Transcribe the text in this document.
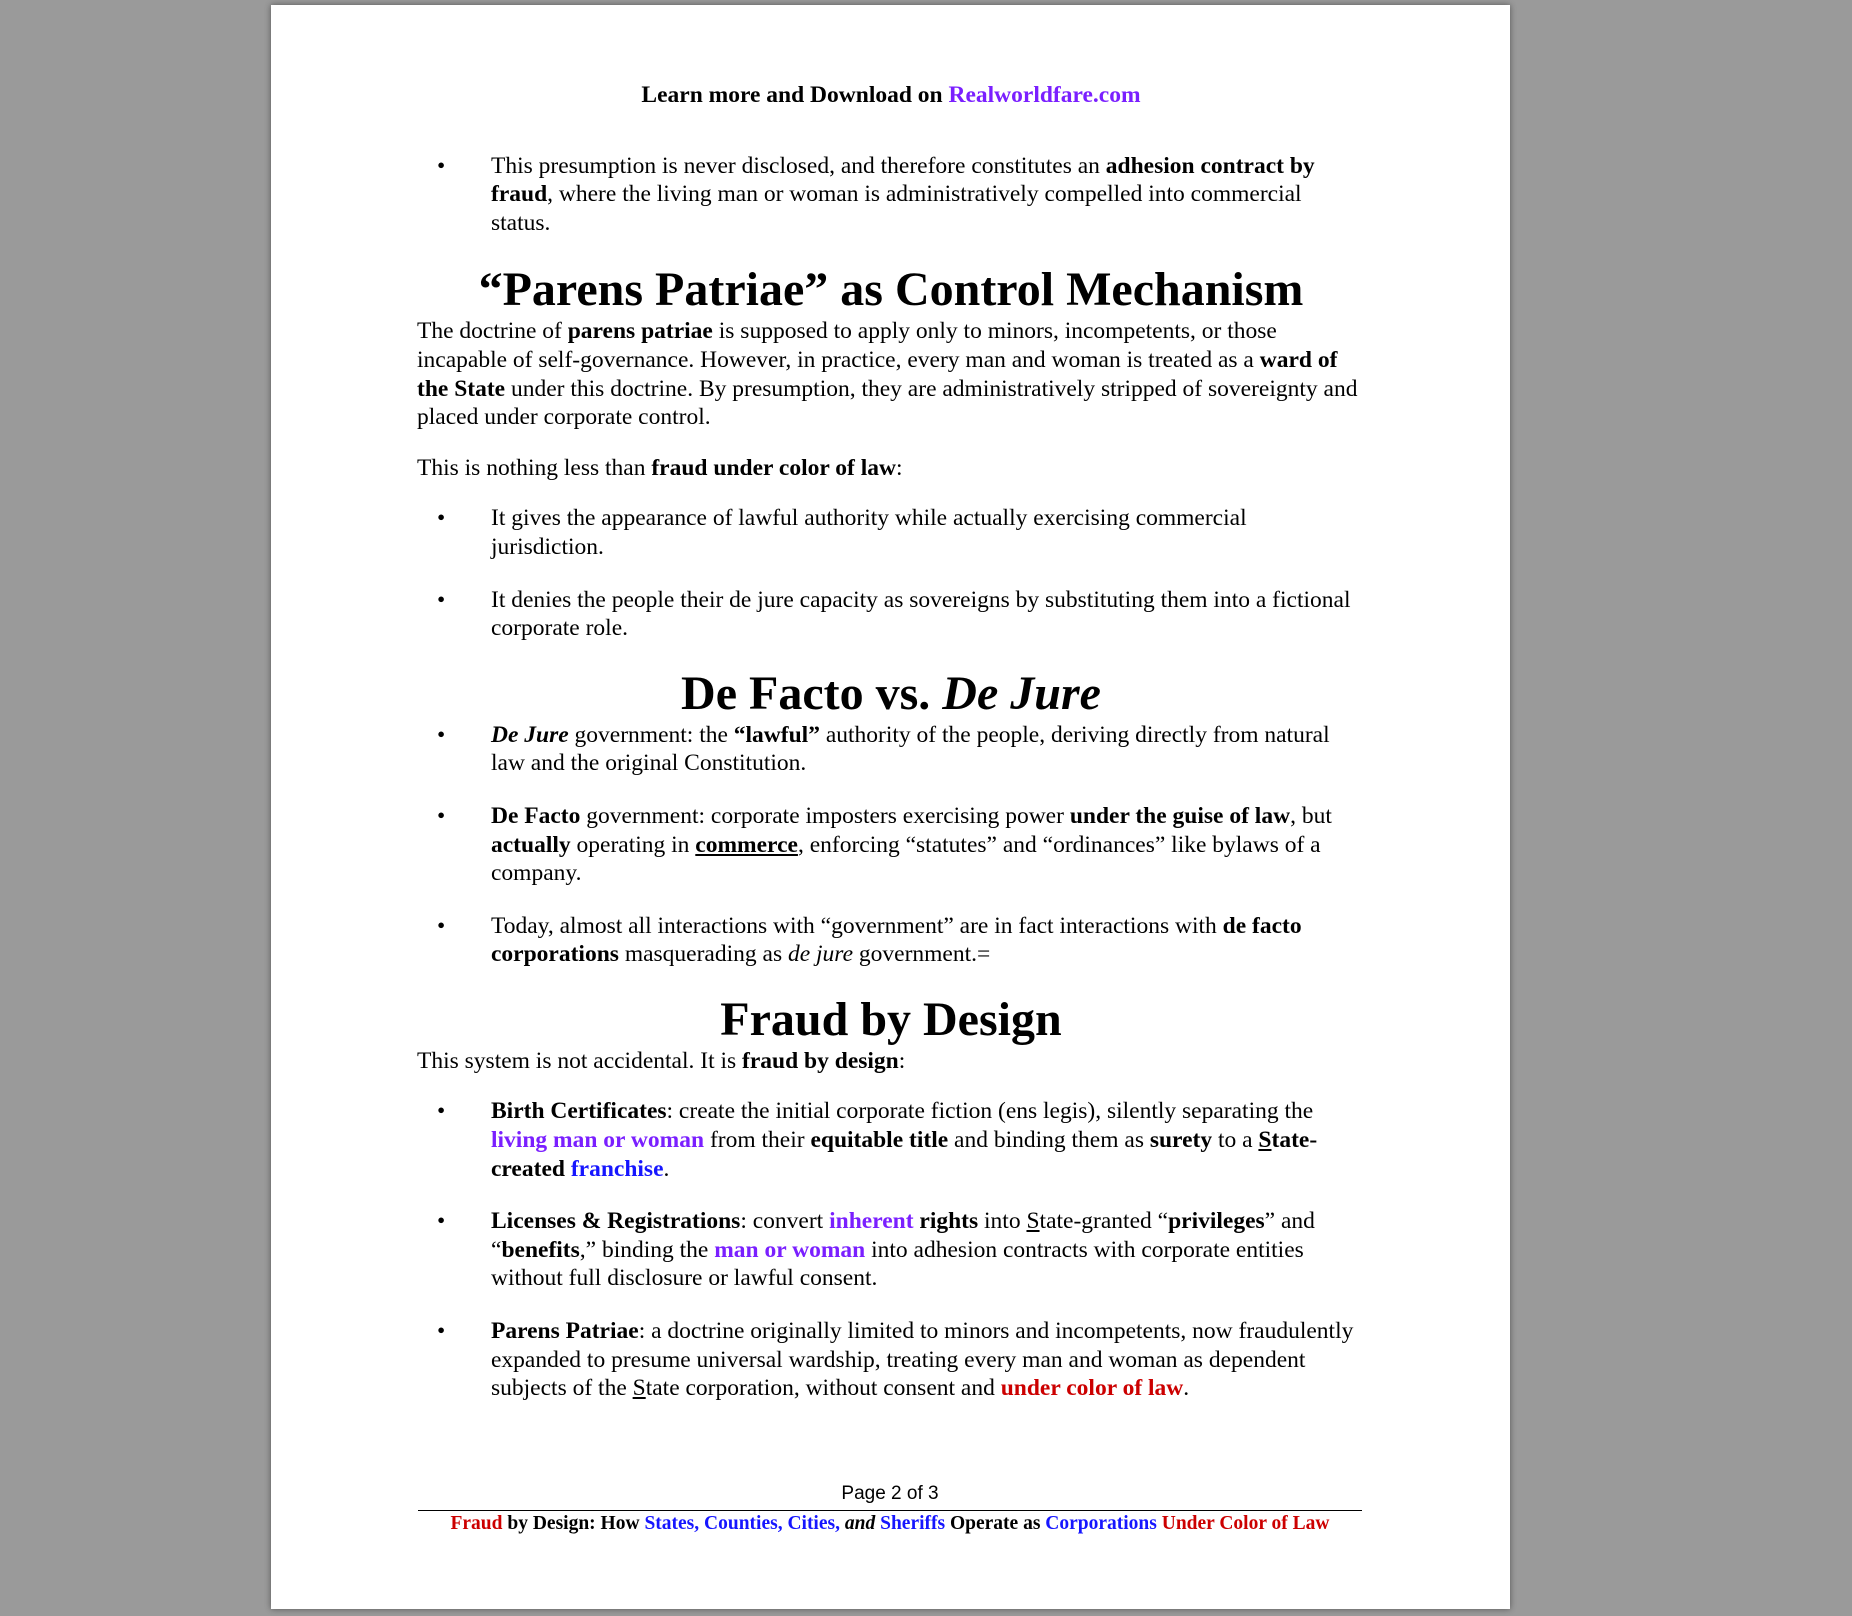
Learn more and Download on Realworldfare.com
• This presumption is never disclosed, and therefore constitutes an adhesion contract by fraud, where the living man or woman is administratively compelled into commercial status.
“Parens Patriae” as Control Mechanism

The doctrine of parens patriae is supposed to apply only to minors, incompetents, or those incapable of self-governance. However, in practice, every man and woman is treated as a ward of the State under this doctrine. By presumption, they are administratively stripped of sovereignty and placed under corporate control.

This is nothing less than fraud under color of law:

• It gives the appearance of lawful authority while actually exercising commercial jurisdiction.
• It denies the people their de jure capacity as sovereigns by substituting them into a fictional corporate role.
De Facto vs. De Jure
• De Jure government: the “lawful” authority of the people, deriving directly from natural law and the original Constitution.
• De Facto government: corporate imposters exercising power under the guise of law, but actually operating in commerce, enforcing “statutes” and “ordinances” like bylaws of a company.
• Today, almost all interactions with “government” are in fact interactions with de facto corporations masquerading as de jure government.=
Fraud by Design

This system is not accidental. It is fraud by design:

• Birth Certificates: create the initial corporate fiction (ens legis), silently separating the living man or woman from their equitable title and binding them as surety to a State-created franchise.
• Licenses & Registrations: convert inherent rights into State-granted “privileges” and “benefits,” binding the man or woman into adhesion contracts with corporate entities without full disclosure or lawful consent.
• Parens Patriae: a doctrine originally limited to minors and incompetents, now fraudulently expanded to presume universal wardship, treating every man and woman as dependent subjects of the State corporation, without consent and under color of law.
Page 2 of 3
Fraud by Design: How States, Counties, Cities, and Sheriffs Operate as Corporations Under Color of Law
